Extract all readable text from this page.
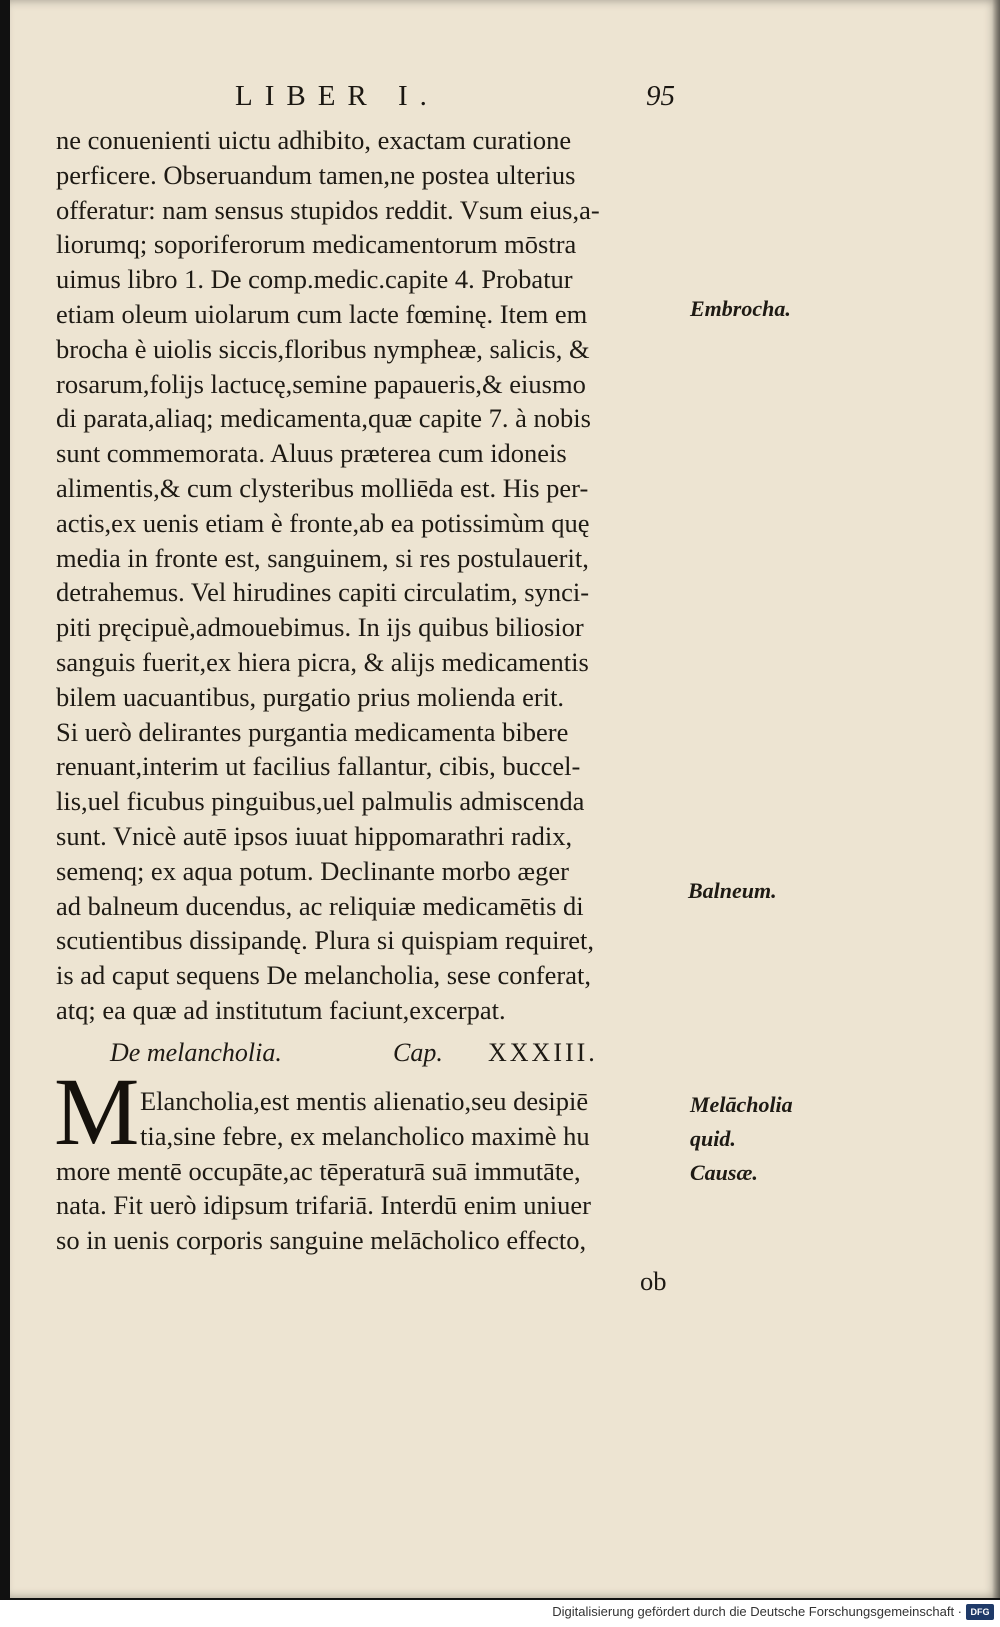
LIBER I.	95
ne conuenienti uictu adhibito, exactam curatione
perficere. Obseruandum tamen,ne postea ulterius
offeratur: nam sensus stupidos reddit. Vsum eius,a-
liorumq; soporiferorum medicamentorum mōstra
uimus libro 1. De comp.medic.capite 4. Probatur
etiam oleum uiolarum cum lacte fœminę. Item em
brocha è uiolis siccis,floribus nympheæ, salicis, &
rosarum,folijs lactucę,semine papaueris,& eiusmo
di parata,aliaq; medicamenta,quæ capite 7. à nobis
sunt commemorata. Aluus præterea cum idoneis
alimentis,& cum clysteribus molliēda est. His per-
actis,ex uenis etiam è fronte,ab ea potissimùm quę
media in fronte est, sanguinem, si res postulauerit,
detrahemus. Vel hirudines capiti circulatim, synci-
piti pręcipuè,admouebimus. In ijs quibus biliosior
sanguis fuerit,ex hiera picra, & alijs medicamentis
bilem uacuantibus, purgatio prius molienda erit.
Si uerò delirantes purgantia medicamenta bibere
renuant,interim ut facilius fallantur, cibis, buccel-
lis,uel ficubus pinguibus,uel palmulis admiscenda
sunt. Vnicè autē ipsos iuuat hippomarathri radix,
semenq; ex aqua potum. Declinante morbo æger
ad balneum ducendus, ac reliquiæ medicamētis di
scutientibus dissipandę. Plura si quispiam requiret,
is ad caput sequens De melancholia, sese conferat,
atq; ea quæ ad institutum faciunt,excerpat.
Embrocha.
Balneum.
Melācholia
quid.
Causæ.
De melancholia.	Cap. XXXIII.
M Elancholia,est mentis alienatio,seu desipiē
tia,sine febre, ex melancholico maximè hu
more mentē occupāte,ac tēperaturā suā immutāte,
nata. Fit uerò idipsum trifariā. Interdū enim uniuer
so in uenis corporis sanguine melācholico effecto,
ob
Digitalisierung gefördert durch die Deutsche Forschungsgemeinschaft · DFG
